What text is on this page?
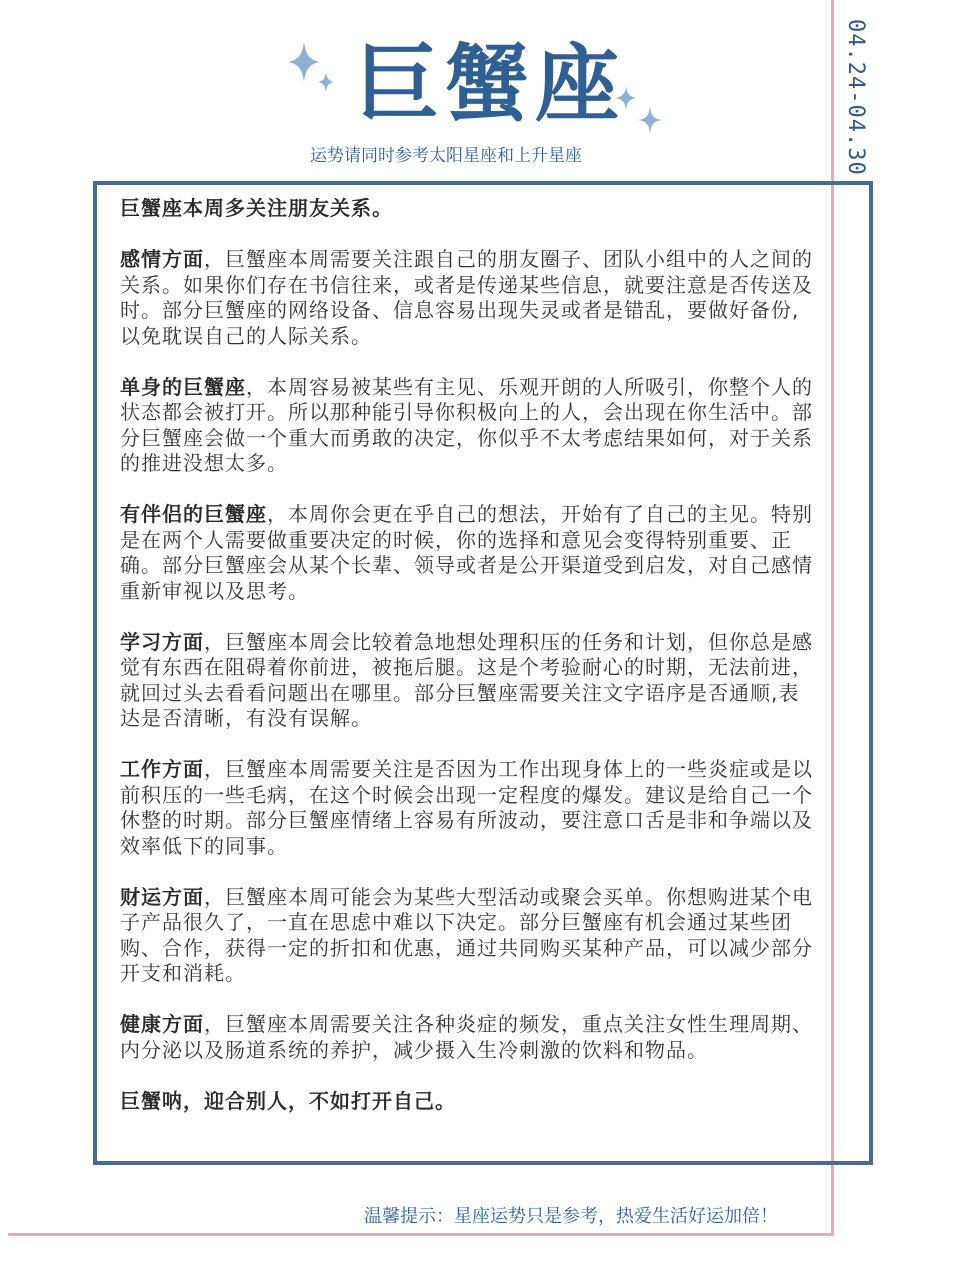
04.24-04.30
巨蟹座
运势请同时参考太阳星座和上升星座

巨蟹座本周多关注朋友关系。

感情方面，巨蟹座本周需要关注跟自己的朋友圈子、团队小组中的人之间的关系。如果你们存在书信往来，或者是传递某些信息，就要注意是否传送及时。部分巨蟹座的网络设备、信息容易出现失灵或者是错乱，要做好备份,以免耽误自己的人际关系。

单身的巨蟹座，本周容易被某些有主见、乐观开朗的人所吸引，你整个人的状态都会被打开。所以那种能引导你积极向上的人，会出现在你生活中。部分巨蟹座会做一个重大而勇敢的决定，你似乎不太考虑结果如何，对于关系的推进没想太多。

有伴侣的巨蟹座，本周你会更在乎自己的想法，开始有了自己的主见。特别是在两个人需要做重要决定的时候，你的选择和意见会变得特别重要、正确。部分巨蟹座会从某个长辈、领导或者是公开渠道受到启发，对自己感情重新审视以及思考。

学习方面，巨蟹座本周会比较着急地想处理积压的任务和计划，但你总是感觉有东西在阻碍着你前进，被拖后腿。这是个考验耐心的时期，无法前进，就回过头去看看问题出在哪里。部分巨蟹座需要关注文字语序是否通顺,表达是否清晰，有没有误解。

工作方面，巨蟹座本周需要关注是否因为工作出现身体上的一些炎症或是以前积压的一些毛病，在这个时候会出现一定程度的爆发。建议是给自己一个休整的时期。部分巨蟹座情绪上容易有所波动，要注意口舌是非和争端以及效率低下的同事。

财运方面，巨蟹座本周可能会为某些大型活动或聚会买单。你想购进某个电子产品很久了，一直在思虑中难以下决定。部分巨蟹座有机会通过某些团购、合作，获得一定的折扣和优惠，通过共同购买某种产品，可以减少部分开支和消耗。

健康方面，巨蟹座本周需要关注各种炎症的频发，重点关注女性生理周期、内分泌以及肠道系统的养护，减少摄入生冷刺激的饮料和物品。

巨蟹呐，迎合别人，不如打开自己。

温馨提示：星座运势只是参考，热爱生活好运加倍！
